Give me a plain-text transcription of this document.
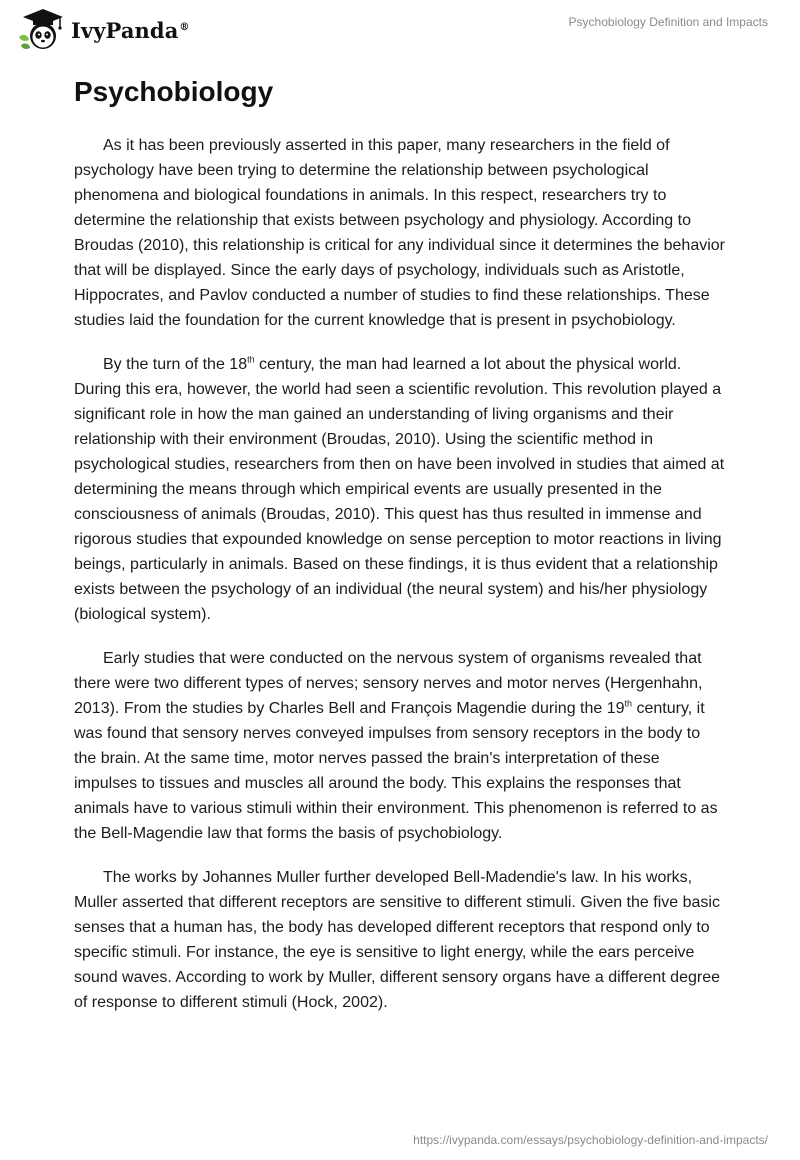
IvyPanda®	Psychobiology Definition and Impacts
Psychobiology

As it has been previously asserted in this paper, many researchers in the field of psychology have been trying to determine the relationship between psychological phenomena and biological foundations in animals. In this respect, researchers try to determine the relationship that exists between psychology and physiology. According to Broudas (2010), this relationship is critical for any individual since it determines the behavior that will be displayed. Since the early days of psychology, individuals such as Aristotle, Hippocrates, and Pavlov conducted a number of studies to find these relationships. These studies laid the foundation for the current knowledge that is present in psychobiology.

By the turn of the 18th century, the man had learned a lot about the physical world. During this era, however, the world had seen a scientific revolution. This revolution played a significant role in how the man gained an understanding of living organisms and their relationship with their environment (Broudas, 2010). Using the scientific method in psychological studies, researchers from then on have been involved in studies that aimed at determining the means through which empirical events are usually presented in the consciousness of animals (Broudas, 2010). This quest has thus resulted in immense and rigorous studies that expounded knowledge on sense perception to motor reactions in living beings, particularly in animals. Based on these findings, it is thus evident that a relationship exists between the psychology of an individual (the neural system) and his/her physiology (biological system).

Early studies that were conducted on the nervous system of organisms revealed that there were two different types of nerves; sensory nerves and motor nerves (Hergenhahn, 2013). From the studies by Charles Bell and François Magendie during the 19th century, it was found that sensory nerves conveyed impulses from sensory receptors in the body to the brain. At the same time, motor nerves passed the brain's interpretation of these impulses to tissues and muscles all around the body. This explains the responses that animals have to various stimuli within their environment. This phenomenon is referred to as the Bell-Magendie law that forms the basis of psychobiology.

The works by Johannes Muller further developed Bell-Madendie's law. In his works, Muller asserted that different receptors are sensitive to different stimuli. Given the five basic senses that a human has, the body has developed different receptors that respond only to specific stimuli. For instance, the eye is sensitive to light energy, while the ears perceive sound waves. According to work by Muller, different sensory organs have a different degree of response to different stimuli (Hock, 2002).

https://ivypanda.com/essays/psychobiology-definition-and-impacts/
